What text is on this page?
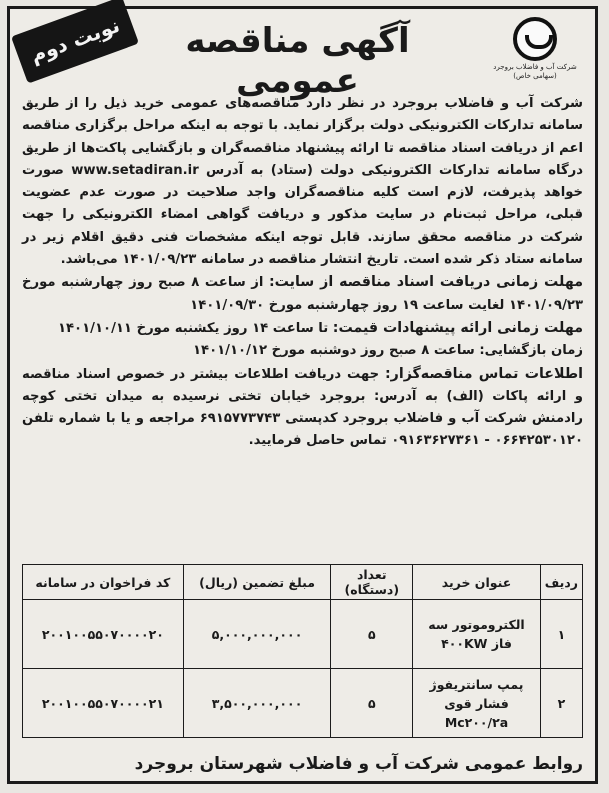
نوبت دوم	آگهی مناقصه عمومی	شرکت آب و فاضلاب بروجرد (سهامی خاص)

شرکت آب و فاضلاب بروجرد در نظر دارد مناقصه‌های عمومی خرید ذیل را از طریق سامانه تدارکات الکترونیکی دولت برگزار نماید. با توجه به اینکه مراحل برگزاری مناقصه اعم از دریافت اسناد مناقصه تا ارائه پیشنهاد مناقصه‌گران و بازگشایی پاکت‌ها از طریق درگاه سامانه تدارکات الکترونیکی دولت (ستاد) به آدرس www.setadiran.ir صورت خواهد پذیرفت، لازم است کلیه مناقصه‌گران واجد صلاحیت در صورت عدم عضویت قبلی، مراحل ثبت‌نام در سایت مذکور و دریافت گواهی امضاء الکترونیکی را جهت شرکت در مناقصه محقق سازند. قابل توجه اینکه مشخصات فنی دقیق اقلام زیر در سامانه ستاد ذکر شده است. تاریخ انتشار مناقصه در سامانه ۱۴۰۱/۰۹/۲۳ می‌باشد.

مهلت زمانی دریافت اسناد مناقصه از سایت: از ساعت ۸ صبح روز چهارشنبه مورخ ۱۴۰۱/۰۹/۲۳ لغایت ساعت ۱۹ روز چهارشنبه مورخ ۱۴۰۱/۰۹/۳۰

مهلت زمانی ارائه پیشنهادات قیمت: تا ساعت ۱۴ روز یکشنبه مورخ ۱۴۰۱/۱۰/۱۱

زمان بازگشایی: ساعت ۸ صبح روز دوشنبه مورخ ۱۴۰۱/۱۰/۱۲

اطلاعات تماس مناقصه‌گزار: جهت دریافت اطلاعات بیشتر در خصوص اسناد مناقصه و ارائه پاکات (الف) به آدرس: بروجرد خیابان تختی نرسیده به میدان تختی کوچه رادمنش شرکت آب و فاضلاب بروجرد کدپستی ۶۹۱۵۷۷۳۷۴۳ مراجعه و یا با شماره تلفن ۰۶۶۴۲۵۳۰۱۲۰ - ۰۹۱۶۳۶۲۷۳۶۱ تماس حاصل فرمایید.

ردیف	عنوان خرید	تعداد (دستگاه)	مبلغ تضمین (ریال)	کد فراخوان در سامانه
۱	الکتروموتور سه فاز ۴۰۰KW	۵	۵,۰۰۰,۰۰۰,۰۰۰	۲۰۰۱۰۰۵۵۰۷۰۰۰۰۲۰
۲	پمپ سانتریفوژ فشار قوی Mc۲۰۰/۲a	۵	۳,۵۰۰,۰۰۰,۰۰۰	۲۰۰۱۰۰۵۵۰۷۰۰۰۰۲۱
روابط عمومی شرکت آب و فاضلاب شهرستان بروجرد
